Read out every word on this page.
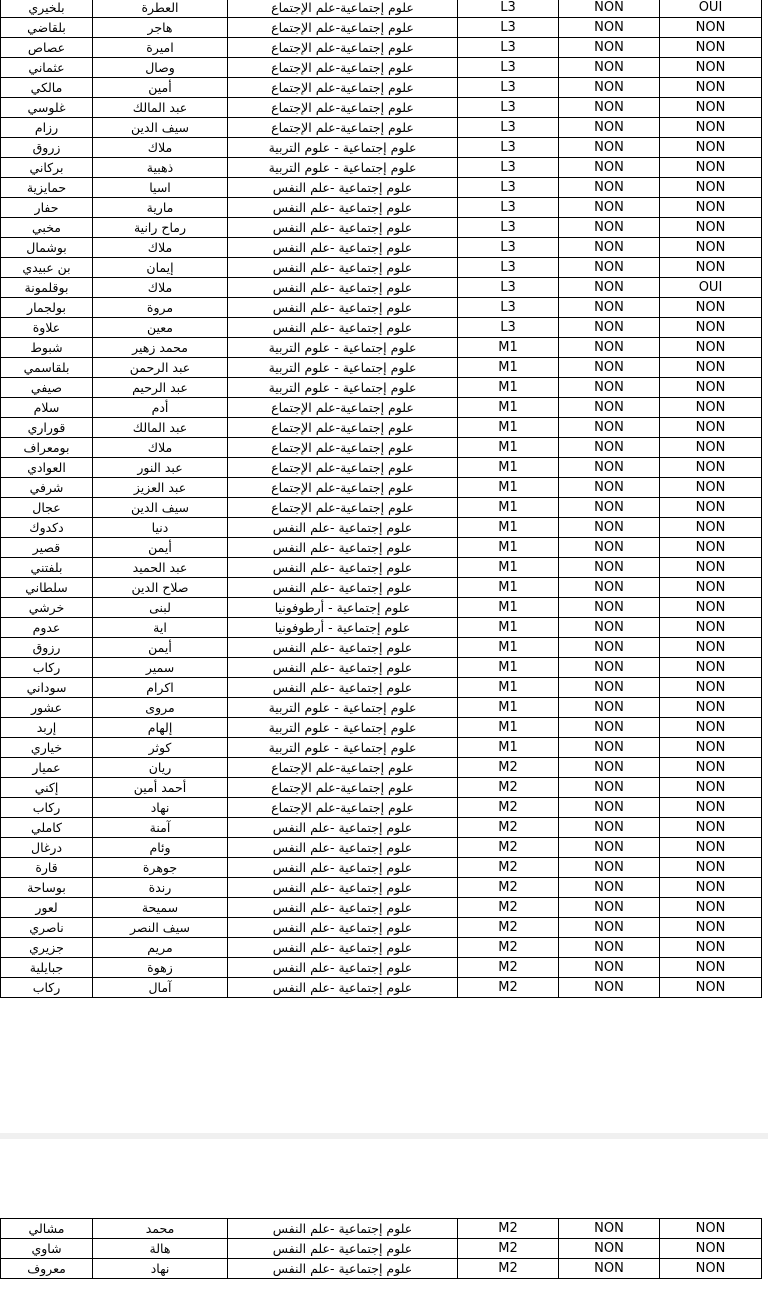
بلخيري	العطرة	علوم إجتماعية-علم الإجتماع	L3	NON	OUI
بلقاضي	هاجر	علوم إجتماعية-علم الإجتماع	L3	NON	NON
عصاص	اميرة	علوم إجتماعية-علم الإجتماع	L3	NON	NON
عثماني	وصال	علوم إجتماعية-علم الإجتماع	L3	NON	NON
مالكي	أمين	علوم إجتماعية-علم الإجتماع	L3	NON	NON
غلوسي	عبد المالك	علوم إجتماعية-علم الإجتماع	L3	NON	NON
رزام	سيف الدين	علوم إجتماعية-علم الإجتماع	L3	NON	NON
زروق	ملاك	علوم إجتماعية - علوم التربية	L3	NON	NON
بركاني	ذهبية	علوم إجتماعية - علوم التربية	L3	NON	NON
حمايزية	اسيا	علوم إجتماعية -علم النفس	L3	NON	NON
حفار	مارية	علوم إجتماعية -علم النفس	L3	NON	NON
مخبي	رماح رانية	علوم إجتماعية -علم النفس	L3	NON	NON
بوشمال	ملاك	علوم إجتماعية -علم النفس	L3	NON	NON
بن عبيدي	إيمان	علوم إجتماعية -علم النفس	L3	NON	NON
بوقلمونة	ملاك	علوم إجتماعية -علم النفس	L3	NON	OUI
بولجمار	مروة	علوم إجتماعية -علم النفس	L3	NON	NON
علاوة	معين	علوم إجتماعية -علم النفس	L3	NON	NON
شبوط	محمد زهير	علوم إجتماعية - علوم التربية	M1	NON	NON
بلقاسمي	عبد الرحمن	علوم إجتماعية - علوم التربية	M1	NON	NON
صيفي	عبد الرحيم	علوم إجتماعية - علوم التربية	M1	NON	NON
سلام	أدم	علوم إجتماعية-علم الإجتماع	M1	NON	NON
قوراري	عبد المالك	علوم إجتماعية-علم الإجتماع	M1	NON	NON
بومعراف	ملاك	علوم إجتماعية-علم الإجتماع	M1	NON	NON
العوادي	عبد النور	علوم إجتماعية-علم الإجتماع	M1	NON	NON
شرفي	عبد العزيز	علوم إجتماعية-علم الإجتماع	M1	NON	NON
عجال	سيف الدين	علوم إجتماعية-علم الإجتماع	M1	NON	NON
دكدوك	دنيا	علوم إجتماعية -علم النفس	M1	NON	NON
قصير	أيمن	علوم إجتماعية -علم النفس	M1	NON	NON
بلفتني	عبد الحميد	علوم إجتماعية -علم النفس	M1	NON	NON
سلطاني	صلاح الدين	علوم إجتماعية -علم النفس	M1	NON	NON
خرشي	لبنى	علوم إجتماعية - أرطوفونيا	M1	NON	NON
عدوم	اية	علوم إجتماعية - أرطوفونيا	M1	NON	NON
رزوق	أيمن	علوم إجتماعية -علم النفس	M1	NON	NON
ركاب	سمير	علوم إجتماعية -علم النفس	M1	NON	NON
سوداني	اكرام	علوم إجتماعية -علم النفس	M1	NON	NON
عشور	مروى	علوم إجتماعية - علوم التربية	M1	NON	NON
إربد	إلهام	علوم إجتماعية - علوم التربية	M1	NON	NON
خياري	كوثر	علوم إجتماعية - علوم التربية	M1	NON	NON
عميار	ريان	علوم إجتماعية-علم الإجتماع	M2	NON	NON
إكني	أحمد أمين	علوم إجتماعية-علم الإجتماع	M2	NON	NON
ركاب	نهاد	علوم إجتماعية-علم الإجتماع	M2	NON	NON
كاملي	آمنة	علوم إجتماعية -علم النفس	M2	NON	NON
درغال	وئام	علوم إجتماعية -علم النفس	M2	NON	NON
قارة	جوهرة	علوم إجتماعية -علم النفس	M2	NON	NON
بوساحة	رندة	علوم إجتماعية -علم النفس	M2	NON	NON
لعور	سميحة	علوم إجتماعية -علم النفس	M2	NON	NON
ناصري	سيف النصر	علوم إجتماعية -علم النفس	M2	NON	NON
جزيري	مريم	علوم إجتماعية -علم النفس	M2	NON	NON
جبايلية	زهوة	علوم إجتماعية -علم النفس	M2	NON	NON
ركاب	آمال	علوم إجتماعية -علم النفس	M2	NON	NON
مشالي	محمد	علوم إجتماعية -علم النفس	M2	NON	NON
شاوي	هالة	علوم إجتماعية -علم النفس	M2	NON	NON
معروف	نهاد	علوم إجتماعية -علم النفس	M2	NON	NON
